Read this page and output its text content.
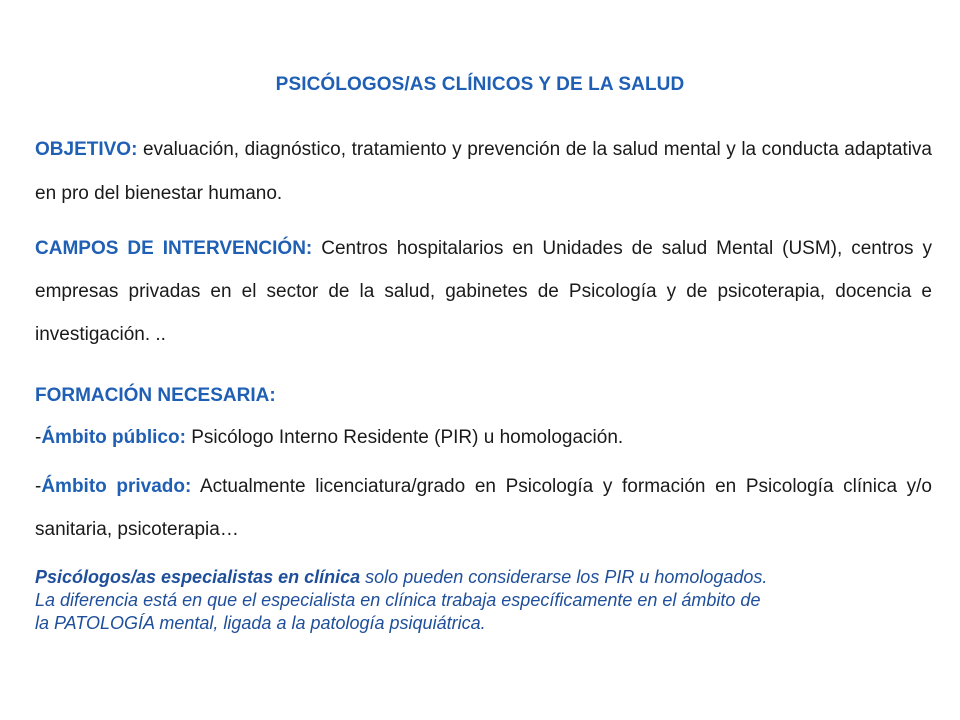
PSICÓLOGOS/AS CLÍNICOS Y DE LA SALUD
OBJETIVO: evaluación, diagnóstico, tratamiento y prevención de la salud mental y la conducta adaptativa en pro del bienestar humano.
CAMPOS DE INTERVENCIÓN: Centros hospitalarios en Unidades de salud Mental (USM), centros y empresas privadas en el sector de la salud, gabinetes de Psicología y de psicoterapia, docencia e investigación. ..
FORMACIÓN NECESARIA:
-Ámbito público: Psicólogo Interno Residente (PIR) u homologación.
-Ámbito privado: Actualmente licenciatura/grado en Psicología y formación en Psicología clínica y/o sanitaria, psicoterapia…
Psicólogos/as especialistas en clínica solo pueden considerarse los PIR u homologados.
La diferencia está en que el especialista en clínica trabaja específicamente en el ámbito de
la PATOLOGÍA mental, ligada a la patología psiquiátrica.
